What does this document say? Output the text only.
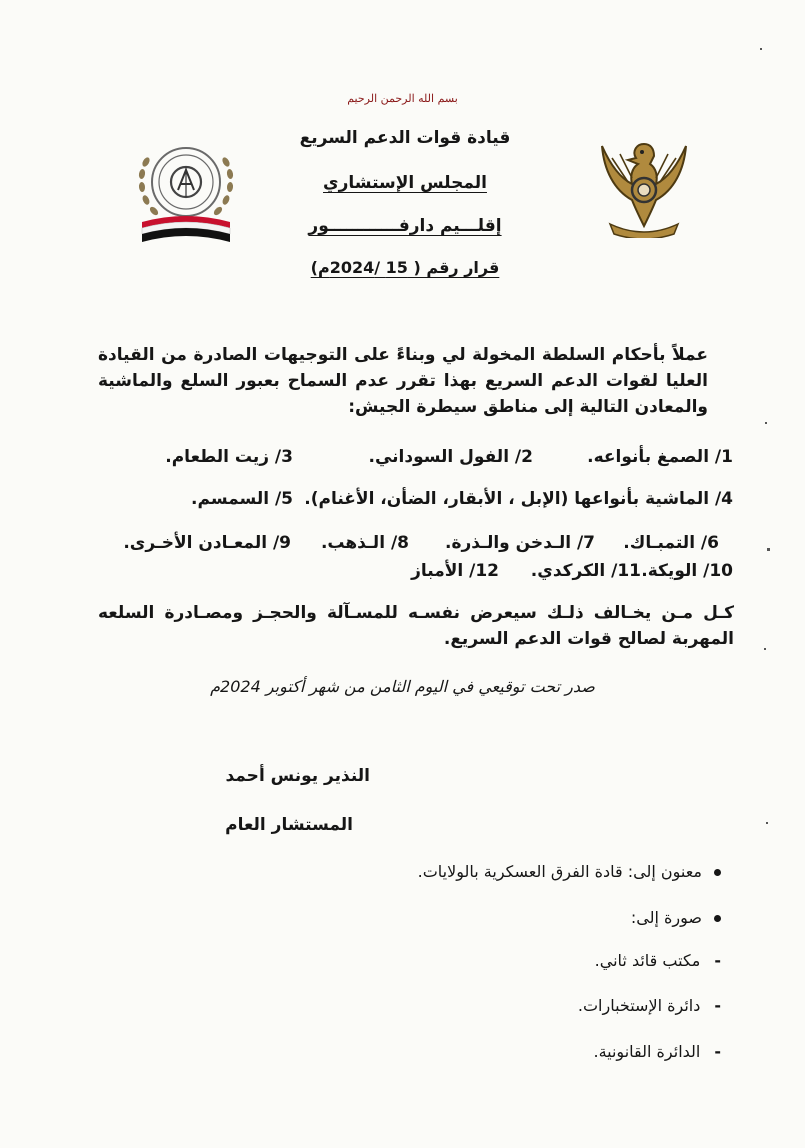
بسم الله الرحمن الرحيم
قيادة قوات الدعم السريع
المجلس الإستشاري
إقلـــيم دارفــــــــــــور
قرار رقم ( 15 /2024م)
عملاً بأحكام السلطة المخولة لي وبناءً على التوجيهات الصادرة من القيادة العليا لقوات الدعم السريع بهذا تقرر عدم السماح بعبور السلع والماشية والمعادن التالية إلى مناطق سيطرة الجيش:
1/ الصمغ بأنواعه.
2/ الفول السوداني.
3/ زيت الطعام.
4/ الماشية بأنواعها (الإبل ، الأبقار، الضأن، الأغنام).
5/ السمسم.
6/ التمبـاك.
7/ الـدخن والـذرة.
8/ الـذهب.
9/ المعـادن الأخـرى.
10/ الويكة.
11/ الكركدي.
12/ الأمباز
كـل مـن يخـالف ذلـك سيعرض نفسـه للمسـآلة والحجـز ومصـادرة السلعه المهربة لصالح قوات الدعم السريع.
صدر تحت توقيعي في اليوم الثامن من شهر أكتوبر 2024م
النذير يونس أحمد
المستشار العام
معنون إلى: قادة الفرق العسكرية بالولايات.
صورة إلى:
-مكتب قائد ثاني.
-دائرة الإستخبارات.
-الدائرة القانونية.
